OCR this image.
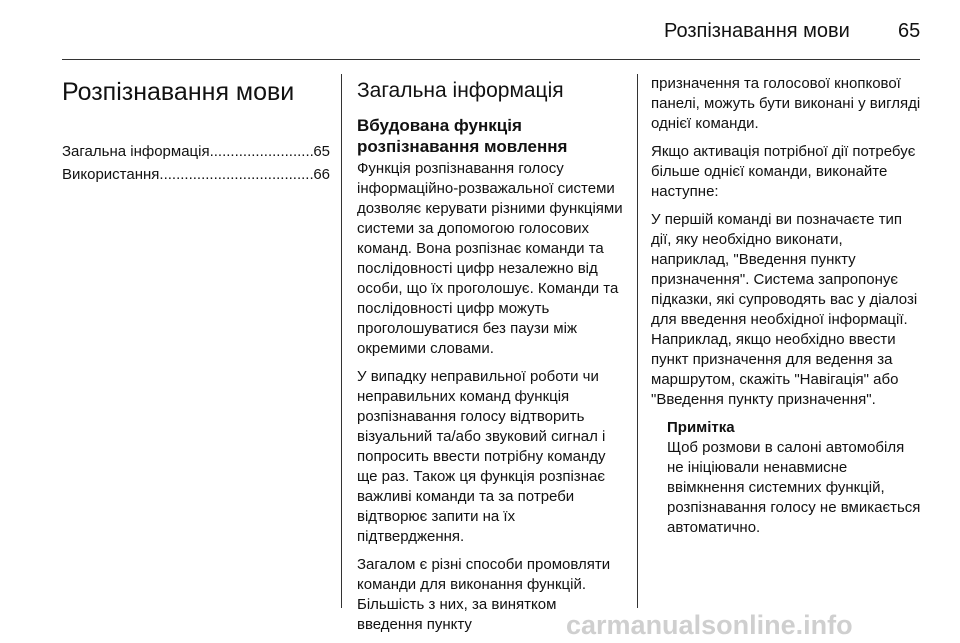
Розпізнавання мови 65
Розпізнавання мови
Загальна інформація .....	65
Використання .....	66
Загальна інформація
Вбудована функція розпізнавання мовлення

Функція розпізнавання голосу інформаційно-розважальної системи дозволяє керувати різними функціями системи за допомогою голосових команд. Вона розпізнає команди та послідовності цифр незалежно від особи, що їх проголошує. Команди та послідовності цифр можуть проголошуватися без паузи між окремими словами.

У випадку неправильної роботи чи неправильних команд функція розпізнавання голосу відтворить візуальний та/або звуковий сигнал і попросить ввести потрібну команду ще раз. Також ця функція розпізнає важливі команди та за потреби відтворює запити на їх підтвердження.

Загалом є різні способи промовляти команди для виконання функцій. Більшість з них, за винятком введення пункту

призначення та голосової кнопкової панелі, можуть бути виконані у вигляді однієї команди.

Якщо активація потрібної дії потребує більше однієї команди, виконайте наступне:

У першій команді ви позначаєте тип дії, яку необхідно виконати, наприклад, "Введення пункту призначення". Система запропонує підказки, які супроводять вас у діалозі для введення необхідної інформації. Наприклад, якщо необхідно ввести пункт призначення для ведення за маршрутом, скажіть "Навігація" або "Введення пункту призначення".

Примітка
Щоб розмови в салоні автомобіля не ініціювали ненавмисне ввімкнення системних функцій, розпізнавання голосу не вмикається автоматично.
carmanualsonline.info
